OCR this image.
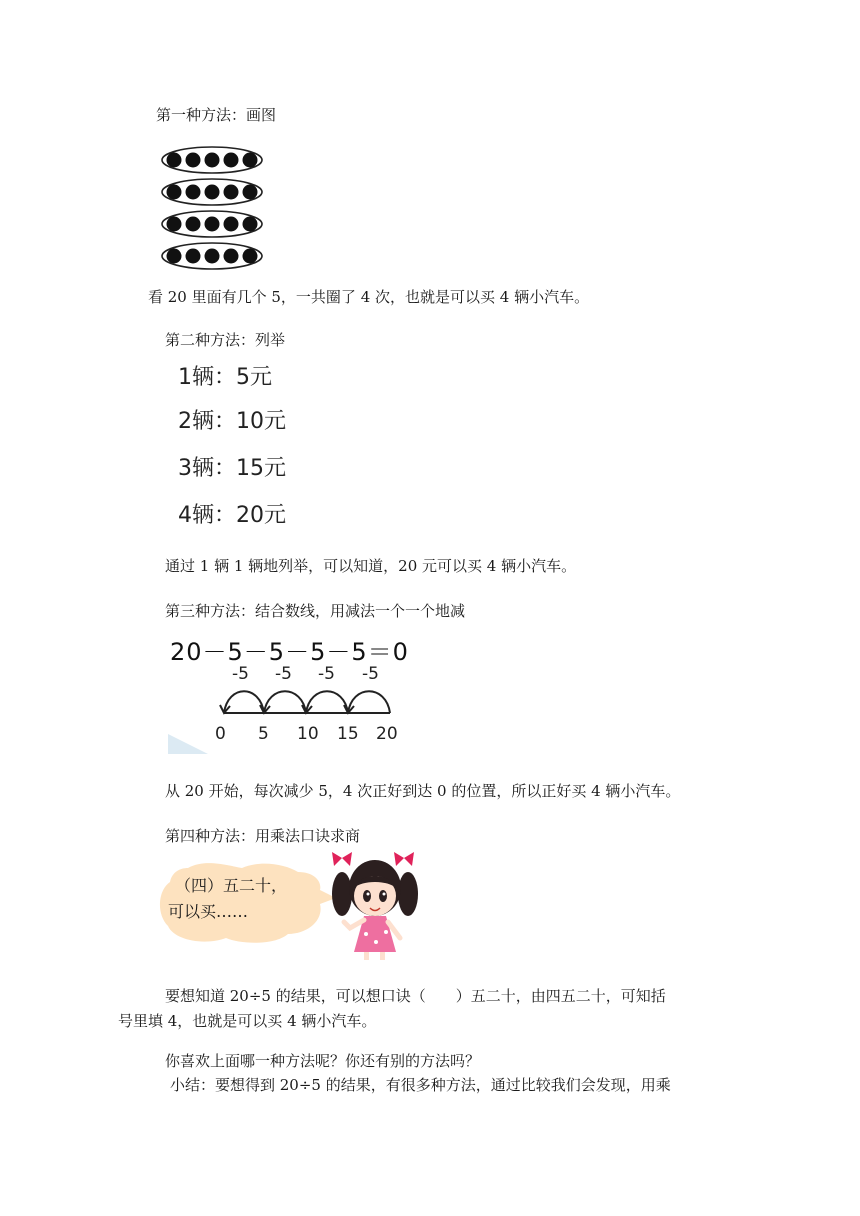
第一种方法：画图
看 20 里面有几个 5，一共圈了 4 次，也就是可以买 4 辆小汽车。
第二种方法：列举
1辆：5元
2辆：10元
3辆：15元
4辆：20元
通过 1 辆 1 辆地列举，可以知道，20 元可以买 4 辆小汽车。
第三种方法：结合数线，用减法一个一个地减
20－5－5－5－5＝0
-5 -5 -5 -5
0 5 10 15 20
从 20 开始，每次减少 5，4 次正好到达 0 的位置，所以正好买 4 辆小汽车。
第四种方法：用乘法口诀求商
（四）五二十，
可以买……
要想知道 20÷5 的结果，可以想口诀（　　）五二十，由四五二十，可知括
号里填 4，也就是可以买 4 辆小汽车。
你喜欢上面哪一种方法呢？你还有别的方法吗？
小结：要想得到 20÷5 的结果，有很多种方法，通过比较我们会发现，用乘
